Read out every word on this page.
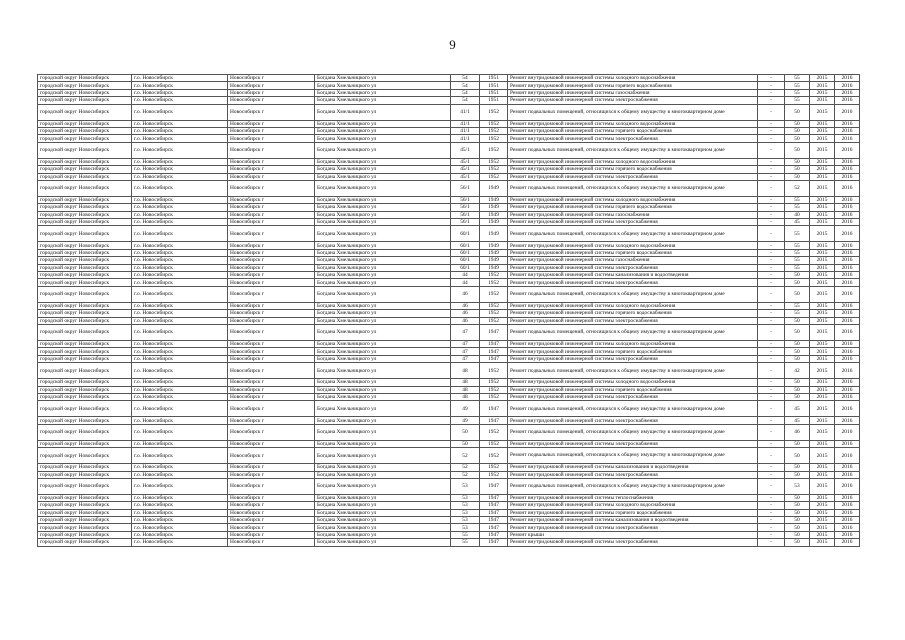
9
городской округ Новосибирск	г.о. Новосибирск	Новосибирск г	Богдана Хмельницкого ул	54	1951	Ремонт внутридомовой инженерной системы холодного водоснабжения	-	55	2015	2016
городской округ Новосибирск	г.о. Новосибирск	Новосибирск г	Богдана Хмельницкого ул	54	1951	Ремонт внутридомовой инженерной системы горячего водоснабжения	-	55	2015	2016
городской округ Новосибирск	г.о. Новосибирск	Новосибирск г	Богдана Хмельницкого ул	54	1951	Ремонт внутридомовой инженерной системы газоснабжения	-	55	2015	2016
городской округ Новосибирск	г.о. Новосибирск	Новосибирск г	Богдана Хмельницкого ул	54	1951	Ремонт внутридомовой инженерной системы электроснабжения	-	55	2015	2016
городской округ Новосибирск	г.о. Новосибирск	Новосибирск г	Богдана Хмельницкого ул	41/1	1952	Ремонт подвальных помещений, относящихся к общему имуществу в многоквартирном доме	-	50	2015	2016
городской округ Новосибирск	г.о. Новосибирск	Новосибирск г	Богдана Хмельницкого ул	41/1	1952	Ремонт внутридомовой инженерной системы холодного водоснабжения	-	50	2015	2016
городской округ Новосибирск	г.о. Новосибирск	Новосибирск г	Богдана Хмельницкого ул	41/1	1952	Ремонт внутридомовой инженерной системы горячего водоснабжения	-	50	2015	2016
городской округ Новосибирск	г.о. Новосибирск	Новосибирск г	Богдана Хмельницкого ул	41/1	1952	Ремонт внутридомовой инженерной системы электроснабжения	-	50	2015	2016
городской округ Новосибирск	г.о. Новосибирск	Новосибирск г	Богдана Хмельницкого ул	45/1	1952	Ремонт подвальных помещений, относящихся к общему имуществу в многоквартирном доме	-	50	2015	2016
городской округ Новосибирск	г.о. Новосибирск	Новосибирск г	Богдана Хмельницкого ул	45/1	1952	Ремонт внутридомовой инженерной системы холодного водоснабжения	-	50	2015	2016
городской округ Новосибирск	г.о. Новосибирск	Новосибирск г	Богдана Хмельницкого ул	45/1	1952	Ремонт внутридомовой инженерной системы горячего водоснабжения	-	50	2015	2016
городской округ Новосибирск	г.о. Новосибирск	Новосибирск г	Богдана Хмельницкого ул	45/1	1952	Ремонт внутридомовой инженерной системы электроснабжения	-	50	2015	2016
городской округ Новосибирск	г.о. Новосибирск	Новосибирск г	Богдана Хмельницкого ул	56/1	1949	Ремонт подвальных помещений, относящихся к общему имуществу в многоквартирном доме	-	52	2015	2016
городской округ Новосибирск	г.о. Новосибирск	Новосибирск г	Богдана Хмельницкого ул	56/1	1949	Ремонт внутридомовой инженерной системы холодного водоснабжения	-	55	2015	2016
городской округ Новосибирск	г.о. Новосибирск	Новосибирск г	Богдана Хмельницкого ул	56/1	1949	Ремонт внутридомовой инженерной системы горячего водоснабжения	-	55	2015	2016
городской округ Новосибирск	г.о. Новосибирск	Новосибирск г	Богдана Хмельницкого ул	56/1	1949	Ремонт внутридомовой инженерной системы газоснабжения	-	40	2015	2016
городской округ Новосибирск	г.о. Новосибирск	Новосибирск г	Богдана Хмельницкого ул	56/1	1949	Ремонт внутридомовой инженерной системы электроснабжения	-	45	2015	2016
городской округ Новосибирск	г.о. Новосибирск	Новосибирск г	Богдана Хмельницкого ул	60/1	1949	Ремонт подвальных помещений, относящихся к общему имуществу в многоквартирном доме	-	55	2015	2016
городской округ Новосибирск	г.о. Новосибирск	Новосибирск г	Богдана Хмельницкого ул	60/1	1949	Ремонт внутридомовой инженерной системы холодного водоснабжения	-	55	2015	2016
городской округ Новосибирск	г.о. Новосибирск	Новосибирск г	Богдана Хмельницкого ул	60/1	1949	Ремонт внутридомовой инженерной системы горячего водоснабжения	-	55	2015	2016
городской округ Новосибирск	г.о. Новосибирск	Новосибирск г	Богдана Хмельницкого ул	60/1	1949	Ремонт внутридомовой инженерной системы газоснабжения	-	55	2015	2016
городской округ Новосибирск	г.о. Новосибирск	Новосибирск г	Богдана Хмельницкого ул	60/1	1949	Ремонт внутридомовой инженерной системы электроснабжения	-	55	2015	2016
городской округ Новосибирск	г.о. Новосибирск	Новосибирск г	Богдана Хмельницкого ул	44	1952	Ремонт внутридомовой инженерной системы канализования и водоотведения	-	50	2015	2016
городской округ Новосибирск	г.о. Новосибирск	Новосибирск г	Богдана Хмельницкого ул	44	1952	Ремонт внутридомовой инженерной системы электроснабжения	-	50	2015	2016
городской округ Новосибирск	г.о. Новосибирск	Новосибирск г	Богдана Хмельницкого ул	46	1952	Ремонт подвальных помещений, относящихся к общему имуществу в многоквартирном доме	-	50	2015	2016
городской округ Новосибирск	г.о. Новосибирск	Новосибирск г	Богдана Хмельницкого ул	46	1952	Ремонт внутридомовой инженерной системы холодного водоснабжения	-	55	2015	2016
городской округ Новосибирск	г.о. Новосибирск	Новосибирск г	Богдана Хмельницкого ул	46	1952	Ремонт внутридомовой инженерной системы горячего водоснабжения	-	55	2015	2016
городской округ Новосибирск	г.о. Новосибирск	Новосибирск г	Богдана Хмельницкого ул	46	1952	Ремонт внутридомовой инженерной системы электроснабжения	-	50	2015	2016
городской округ Новосибирск	г.о. Новосибирск	Новосибирск г	Богдана Хмельницкого ул	47	1947	Ремонт подвальных помещений, относящихся к общему имуществу в многоквартирном доме	-	50	2015	2016
городской округ Новосибирск	г.о. Новосибирск	Новосибирск г	Богдана Хмельницкого ул	47	1947	Ремонт внутридомовой инженерной системы холодного водоснабжения	-	50	2015	2016
городской округ Новосибирск	г.о. Новосибирск	Новосибирск г	Богдана Хмельницкого ул	47	1947	Ремонт внутридомовой инженерной системы горячего водоснабжения	-	50	2015	2016
городской округ Новосибирск	г.о. Новосибирск	Новосибирск г	Богдана Хмельницкого ул	47	1947	Ремонт внутридомовой инженерной системы электроснабжения	-	50	2015	2016
городской округ Новосибирск	г.о. Новосибирск	Новосибирск г	Богдана Хмельницкого ул	48	1952	Ремонт подвальных помещений, относящихся к общему имуществу в многоквартирном доме	-	42	2015	2016
городской округ Новосибирск	г.о. Новосибирск	Новосибирск г	Богдана Хмельницкого ул	48	1952	Ремонт внутридомовой инженерной системы холодного водоснабжения	-	50	2015	2016
городской округ Новосибирск	г.о. Новосибирск	Новосибирск г	Богдана Хмельницкого ул	48	1952	Ремонт внутридомовой инженерной системы горячего водоснабжения	-	50	2015	2016
городской округ Новосибирск	г.о. Новосибирск	Новосибирск г	Богдана Хмельницкого ул	48	1952	Ремонт внутридомовой инженерной системы электроснабжения	-	50	2015	2016
городской округ Новосибирск	г.о. Новосибирск	Новосибирск г	Богдана Хмельницкого ул	49	1947	Ремонт подвальных помещений, относящихся к общему имуществу в многоквартирном доме	-	45	2015	2016
городской округ Новосибирск	г.о. Новосибирск	Новосибирск г	Богдана Хмельницкого ул	49	1947	Ремонт внутридомовой инженерной системы электроснабжения	-	45	2015	2016
городской округ Новосибирск	г.о. Новосибирск	Новосибирск г	Богдана Хмельницкого ул	50	1952	Ремонт подвальных помещений, относящихся к общему имуществу в многоквартирном доме	-	46	2015	2016
городской округ Новосибирск	г.о. Новосибирск	Новосибирск г	Богдана Хмельницкого ул	50	1952	Ремонт внутридомовой инженерной системы электроснабжения	-	50	2015	2016
городской округ Новосибирск	г.о. Новосибирск	Новосибирск г	Богдана Хмельницкого ул	52	1952	Ремонт подвальных помещений, относящихся к общему имуществу в многоквартирном доме	-	50	2015	2016
городской округ Новосибирск	г.о. Новосибирск	Новосибирск г	Богдана Хмельницкого ул	52	1952	Ремонт внутридомовой инженерной системы канализования и водоотведения	-	50	2015	2016
городской округ Новосибирск	г.о. Новосибирск	Новосибирск г	Богдана Хмельницкого ул	52	1952	Ремонт внутридомовой инженерной системы электроснабжения	-	50	2015	2016
городской округ Новосибирск	г.о. Новосибирск	Новосибирск г	Богдана Хмельницкого ул	53	1947	Ремонт подвальных помещений, относящихся к общему имуществу в многоквартирном доме	-	53	2015	2016
городской округ Новосибирск	г.о. Новосибирск	Новосибирск г	Богдана Хмельницкого ул	53	1947	Ремонт внутридомовой инженерной системы теплоснабжения	-	50	2015	2016
городской округ Новосибирск	г.о. Новосибирск	Новосибирск г	Богдана Хмельницкого ул	53	1947	Ремонт внутридомовой инженерной системы холодного водоснабжения	-	50	2015	2016
городской округ Новосибирск	г.о. Новосибирск	Новосибирск г	Богдана Хмельницкого ул	53	1947	Ремонт внутридомовой инженерной системы горячего водоснабжения	-	50	2015	2016
городской округ Новосибирск	г.о. Новосибирск	Новосибирск г	Богдана Хмельницкого ул	53	1947	Ремонт внутридомовой инженерной системы канализования и водоотведения	-	50	2015	2016
городской округ Новосибирск	г.о. Новосибирск	Новосибирск г	Богдана Хмельницкого ул	53	1947	Ремонт внутридомовой инженерной системы электроснабжения	-	50	2015	2016
городской округ Новосибирск	г.о. Новосибирск	Новосибирск г	Богдана Хмельницкого ул	55	1947	Ремонт крыши	-	50	2015	2016
городской округ Новосибирск	г.о. Новосибирск	Новосибирск г	Богдана Хмельницкого ул	55	1947	Ремонт внутридомовой инженерной системы электроснабжения	-	50	2015	2016
